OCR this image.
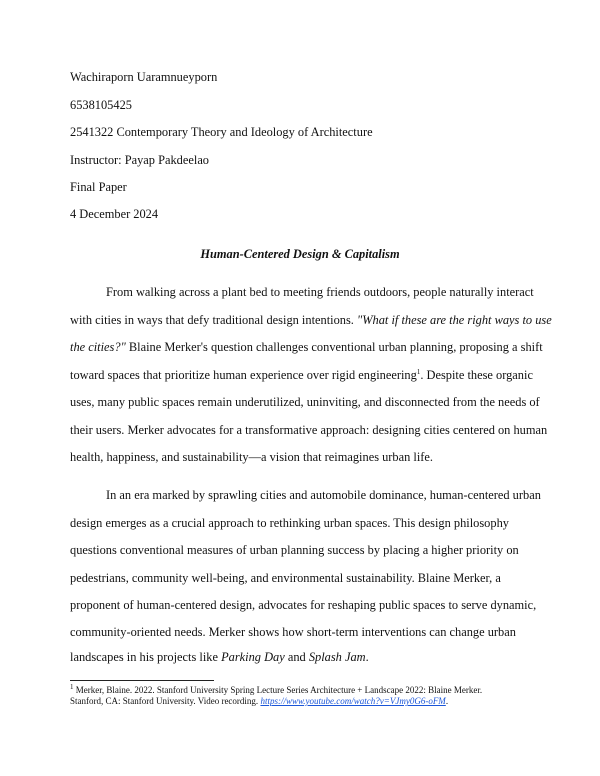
Wachiraporn Uaramnueyporn
6538105425
2541322 Contemporary Theory and Ideology of Architecture
Instructor: Payap Pakdeelao
Final Paper
4 December 2024
Human-Centered Design & Capitalism
From walking across a plant bed to meeting friends outdoors, people naturally interact
with cities in ways that defy traditional design intentions. "What if these are the right ways to use
the cities?" Blaine Merker's question challenges conventional urban planning, proposing a shift
toward spaces that prioritize human experience over rigid engineering$^1$. Despite these organic
uses, many public spaces remain underutilized, uninviting, and disconnected from the needs of
their users. Merker advocates for a transformative approach: designing cities centered on human
health, happiness, and sustainability—a vision that reimagines urban life.
In an era marked by sprawling cities and automobile dominance, human-centered urban
design emerges as a crucial approach to rethinking urban spaces. This design philosophy
questions conventional measures of urban planning success by placing a higher priority on
pedestrians, community well-being, and environmental sustainability. Blaine Merker, a
proponent of human-centered design, advocates for reshaping public spaces to serve dynamic,
community-oriented needs. Merker shows how short-term interventions can change urban
landscapes in his projects like Parking Day and Splash Jam.
$^1$ Merker, Blaine. 2022. Stanford University Spring Lecture Series Architecture + Landscape 2022: Blaine Merker.
Stanford, CA: Stanford University. Video recording. https://www.youtube.com/watch?v=VJmy0G6-oFM.
